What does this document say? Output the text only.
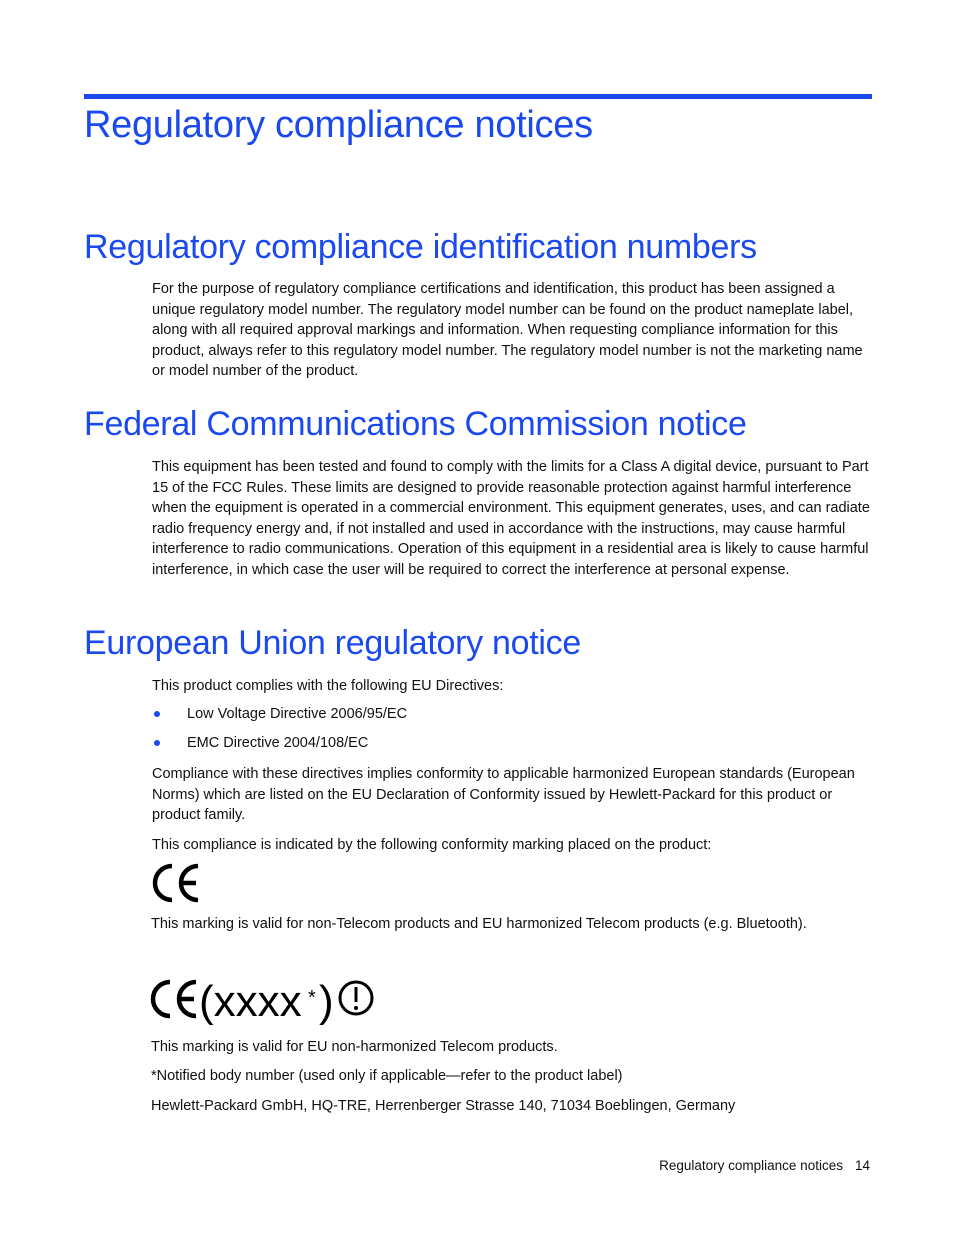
Regulatory compliance notices
Regulatory compliance identification numbers

For the purpose of regulatory compliance certifications and identification, this product has been assigned a unique regulatory model number. The regulatory model number can be found on the product nameplate label, along with all required approval markings and information. When requesting compliance information for this product, always refer to this regulatory model number. The regulatory model number is not the marketing name or model number of the product.

Federal Communications Commission notice

This equipment has been tested and found to comply with the limits for a Class A digital device, pursuant to Part 15 of the FCC Rules. These limits are designed to provide reasonable protection against harmful interference when the equipment is operated in a commercial environment. This equipment generates, uses, and can radiate radio frequency energy and, if not installed and used in accordance with the instructions, may cause harmful interference to radio communications. Operation of this equipment in a residential area is likely to cause harmful interference, in which case the user will be required to correct the interference at personal expense.

European Union regulatory notice

This product complies with the following EU Directives:

Low Voltage Directive 2006/95/EC
EMC Directive 2004/108/EC

Compliance with these directives implies conformity to applicable harmonized European standards (European Norms) which are listed on the EU Declaration of Conformity issued by Hewlett-Packard for this product or product family.

This compliance is indicated by the following conformity marking placed on the product:

This marking is valid for non-Telecom products and EU harmonized Telecom products (e.g. Bluetooth).

(xxxx * )

This marking is valid for EU non-harmonized Telecom products.

*Notified body number (used only if applicable—refer to the product label)

Hewlett-Packard GmbH, HQ-TRE, Herrenberger Strasse 140, 71034 Boeblingen, Germany

Regulatory compliance notices 14
